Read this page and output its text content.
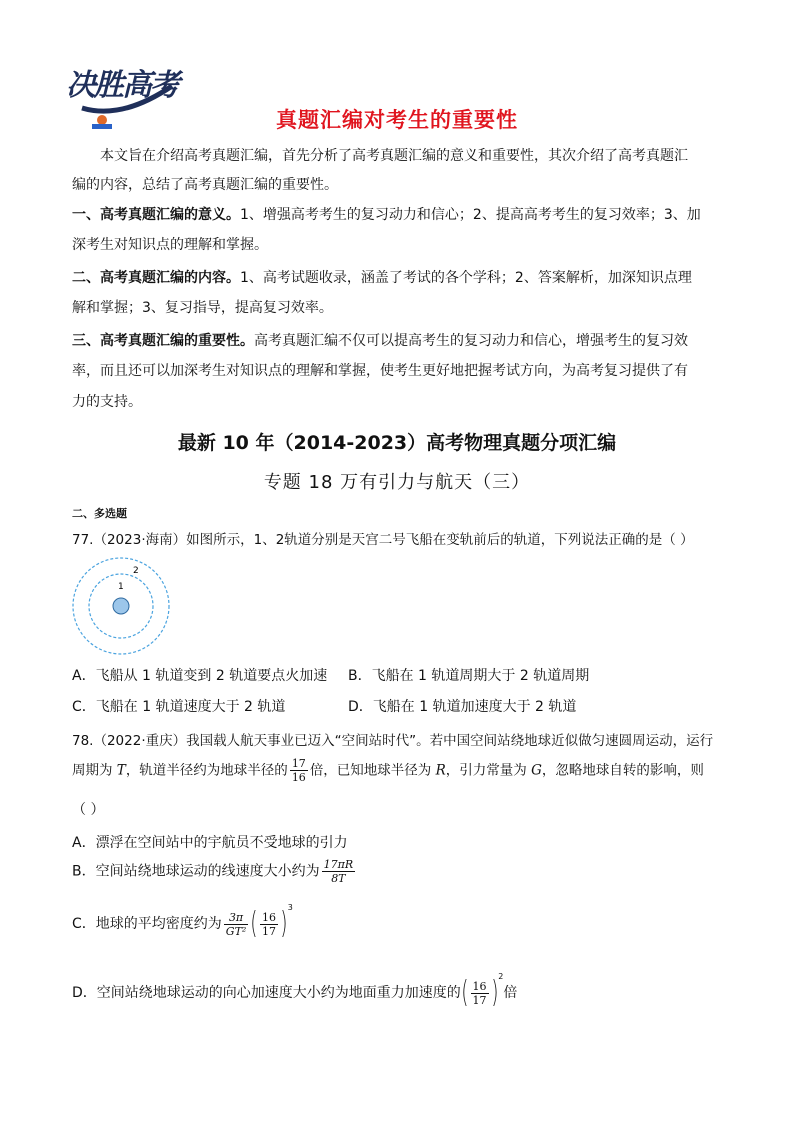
决胜高考
真题汇编对考生的重要性
本文旨在介绍高考真题汇编，首先分析了高考真题汇编的意义和重要性，其次介绍了高考真题汇
编的内容，总结了高考真题汇编的重要性。
一、高考真题汇编的意义。1、增强高考考生的复习动力和信心；2、提高高考考生的复习效率；3、加
深考生对知识点的理解和掌握。
二、高考真题汇编的内容。1、高考试题收录，涵盖了考试的各个学科；2、答案解析，加深知识点理
解和掌握；3、复习指导，提高复习效率。
三、高考真题汇编的重要性。高考真题汇编不仅可以提高考生的复习动力和信心，增强考生的复习效
率，而且还可以加深考生对知识点的理解和掌握，使考生更好地把握考试方向，为高考复习提供了有
力的支持。
最新 10 年（2014-2023）高考物理真题分项汇编
专题 18 万有引力与航天（三）
二、多选题
77.（2023·海南）如图所示，1、2轨道分别是天宫二号飞船在变轨前后的轨道，下列说法正确的是（ ）
1
2
A．飞船从 1 轨道变到 2 轨道要点火加速 B．飞船在 1 轨道周期大于 2 轨道周期
C．飞船在 1 轨道速度大于 2 轨道	D．飞船在 1 轨道加速度大于 2 轨道
78.（2022·重庆）我国载人航天事业已迈入“空间站时代”。若中国空间站绕地球近似做匀速圆周运动，运行
周期为 T，轨道半径约为地球半径的 $\frac{17}{16}$ 倍，已知地球半径为 R，引力常量为 G，忽略地球自转的影响，则
（ ）
A．漂浮在空间站中的宇航员不受地球的引力
B．空间站绕地球运动的线速度大小约为 $\frac{17\pi R}{8T}$
C．地球的平均密度约为 $\frac{3\pi}{\text{GT²}}$ ( $\frac{16}{17} )^3$
D．空间站绕地球运动的向心加速度大小约为地面重力加速度的( $\frac{16}{17} )^2$倍
